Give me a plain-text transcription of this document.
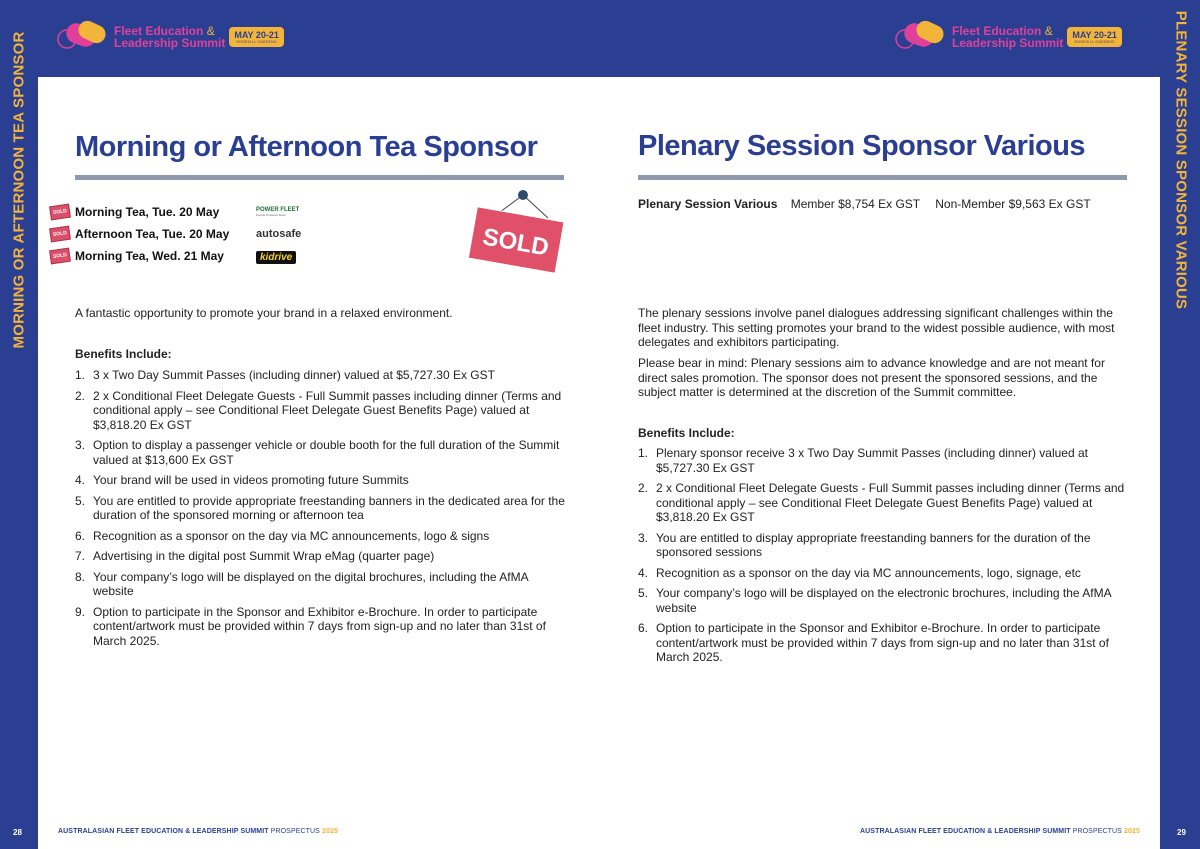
MORNING OR AFTERNOON TEA SPONSOR	PLENARY SESSION SPONSOR VARIOUS
28	29
Fleet Education &
Leadership Summit
MAY 20-21
ROSEHILL GARDENS
Fleet Education &
Leadership Summit
MAY 20-21
ROSEHILL GARDENS
Morning or Afternoon Tea Sponsor
SOLD Morning Tea, Tue. 20 May	POWER FLEET
People Powered Fleet
SOLD Afternoon Tea, Tue. 20 May autosafe
SOLD Morning Tea, Wed. 21 May	kidrive	SOLD
A fantastic opportunity to promote your brand in a relaxed environment.
Benefits Include:
1. 3 x Two Day Summit Passes (including dinner) valued at $5,727.30 Ex GST
2. 2 x Conditional Fleet Delegate Guests - Full Summit passes including dinner (Terms and conditional apply – see Conditional Fleet Delegate Guest Benefits Page) valued at $3,818.20 Ex GST
3. Option to display a passenger vehicle or double booth for the full duration of the Summit valued at $13,600 Ex GST
4. Your brand will be used in videos promoting future Summits
5. You are entitled to provide appropriate freestanding banners in the dedicated area for the duration of the sponsored morning or afternoon tea
6. Recognition as a sponsor on the day via MC announcements, logo & signs
7. Advertising in the digital post Summit Wrap eMag (quarter page)
8. Your company’s logo will be displayed on the digital brochures, including the AfMA website
9. Option to participate in the Sponsor and Exhibitor e-Brochure. In order to participate content/artwork must be provided within 7 days from sign-up and no later than 31st of March 2025.
Plenary Session Sponsor Various
Plenary Session Various Member $8,754 Ex GST Non-Member $9,563 Ex GST
The plenary sessions involve panel dialogues addressing significant challenges within the fleet industry. This setting promotes your brand to the widest possible audience, with most delegates and exhibitors participating.
Please bear in mind: Plenary sessions aim to advance knowledge and are not meant for direct sales promotion. The sponsor does not present the sponsored sessions, and the subject matter is determined at the discretion of the Summit committee.
Benefits Include:
1. Plenary sponsor receive 3 x Two Day Summit Passes (including dinner) valued at $5,727.30 Ex GST
2. 2 x Conditional Fleet Delegate Guests - Full Summit passes including dinner (Terms and conditional apply – see Conditional Fleet Delegate Guest Benefits Page) valued at $3,818.20 Ex GST
3. You are entitled to display appropriate freestanding banners for the duration of the sponsored sessions
4. Recognition as a sponsor on the day via MC announcements, logo, signage, etc
5. Your company’s logo will be displayed on the electronic brochures, including the AfMA website
6. Option to participate in the Sponsor and Exhibitor e-Brochure. In order to participate content/artwork must be provided within 7 days from sign-up and no later than 31st of March 2025.
AUSTRALASIAN FLEET EDUCATION & LEADERSHIP SUMMIT PROSPECTUS 2025	AUSTRALASIAN FLEET EDUCATION & LEADERSHIP SUMMIT PROSPECTUS 2025
